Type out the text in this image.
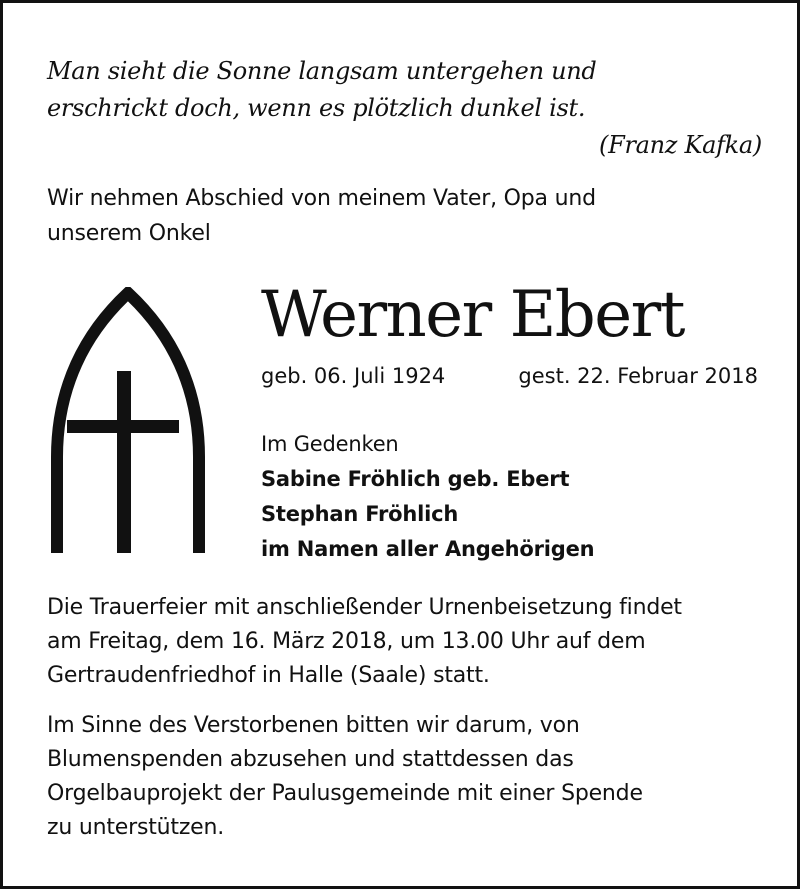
Man sieht die Sonne langsam untergehen und
erschrickt doch, wenn es plötzlich dunkel ist.
(Franz Kafka)
Wir nehmen Abschied von meinem Vater, Opa und
unserem Onkel
Werner Ebert
geb. 06. Juli 1924	gest. 22. Februar 2018
Im Gedenken
Sabine Fröhlich geb. Ebert
Stephan Fröhlich
im Namen aller Angehörigen
Die Trauerfeier mit anschließender Urnenbeisetzung findet
am Freitag, dem 16. März 2018, um 13.00 Uhr auf dem
Gertraudenfriedhof in Halle (Saale) statt.
Im Sinne des Verstorbenen bitten wir darum, von
Blumenspenden abzusehen und stattdessen das
Orgelbauprojekt der Paulusgemeinde mit einer Spende
zu unterstützen.
